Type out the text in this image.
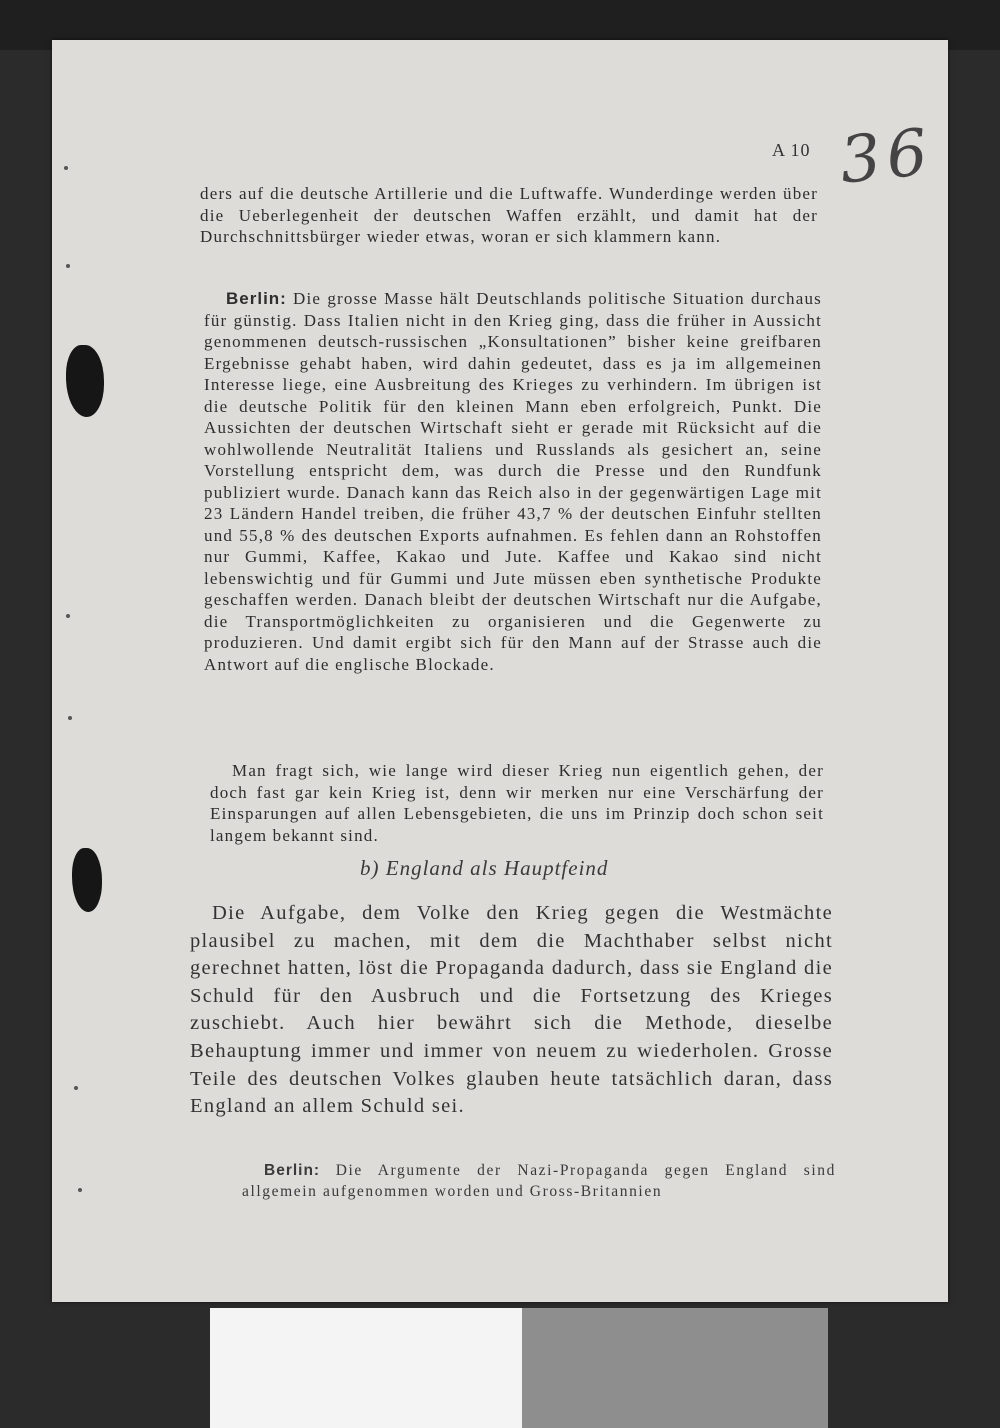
A 10 36
ders auf die deutsche Artillerie und die Luftwaffe. Wunderdinge werden über die Ueberlegenheit der deutschen Waffen erzählt, und damit hat der Durchschnittsbürger wieder etwas, woran er sich klammern kann.
Berlin: Die grosse Masse hält Deutschlands politische Situation durchaus für günstig. Dass Italien nicht in den Krieg ging, dass die früher in Aussicht genommenen deutsch-russischen „Konsultationen” bisher keine greifbaren Ergebnisse gehabt haben, wird dahin gedeutet, dass es ja im allgemeinen Interesse liege, eine Ausbreitung des Krieges zu verhindern. Im übrigen ist die deutsche Politik für den kleinen Mann eben erfolgreich, Punkt. Die Aussichten der deutschen Wirtschaft sieht er gerade mit Rücksicht auf die wohlwollende Neutralität Italiens und Russlands als gesichert an, seine Vorstellung entspricht dem, was durch die Presse und den Rundfunk publiziert wurde. Danach kann das Reich also in der gegenwärtigen Lage mit 23 Ländern Handel treiben, die früher 43,7 % der deutschen Einfuhr stellten und 55,8 % des deutschen Exports aufnahmen. Es fehlen dann an Rohstoffen nur Gummi, Kaffee, Kakao und Jute. Kaffee und Kakao sind nicht lebenswichtig und für Gummi und Jute müssen eben synthetische Produkte geschaffen werden. Danach bleibt der deutschen Wirtschaft nur die Aufgabe, die Transportmöglichkeiten zu organisieren und die Gegenwerte zu produzieren. Und damit ergibt sich für den Mann auf der Strasse auch die Antwort auf die englische Blockade.
Man fragt sich, wie lange wird dieser Krieg nun eigentlich gehen, der doch fast gar kein Krieg ist, denn wir merken nur eine Verschärfung der Einsparungen auf allen Lebensgebieten, die uns im Prinzip doch schon seit langem bekannt sind.
b) England als Hauptfeind
Die Aufgabe, dem Volke den Krieg gegen die Westmächte plausibel zu machen, mit dem die Machthaber selbst nicht gerechnet hatten, löst die Propaganda dadurch, dass sie England die Schuld für den Ausbruch und die Fortsetzung des Krieges zuschiebt. Auch hier bewährt sich die Methode, dieselbe Behauptung immer und immer von neuem zu wiederholen. Grosse Teile des deutschen Volkes glauben heute tatsächlich daran, dass England an allem Schuld sei.
Berlin: Die Argumente der Nazi-Propaganda gegen England sind allgemein aufgenommen worden und Gross-Britannien
